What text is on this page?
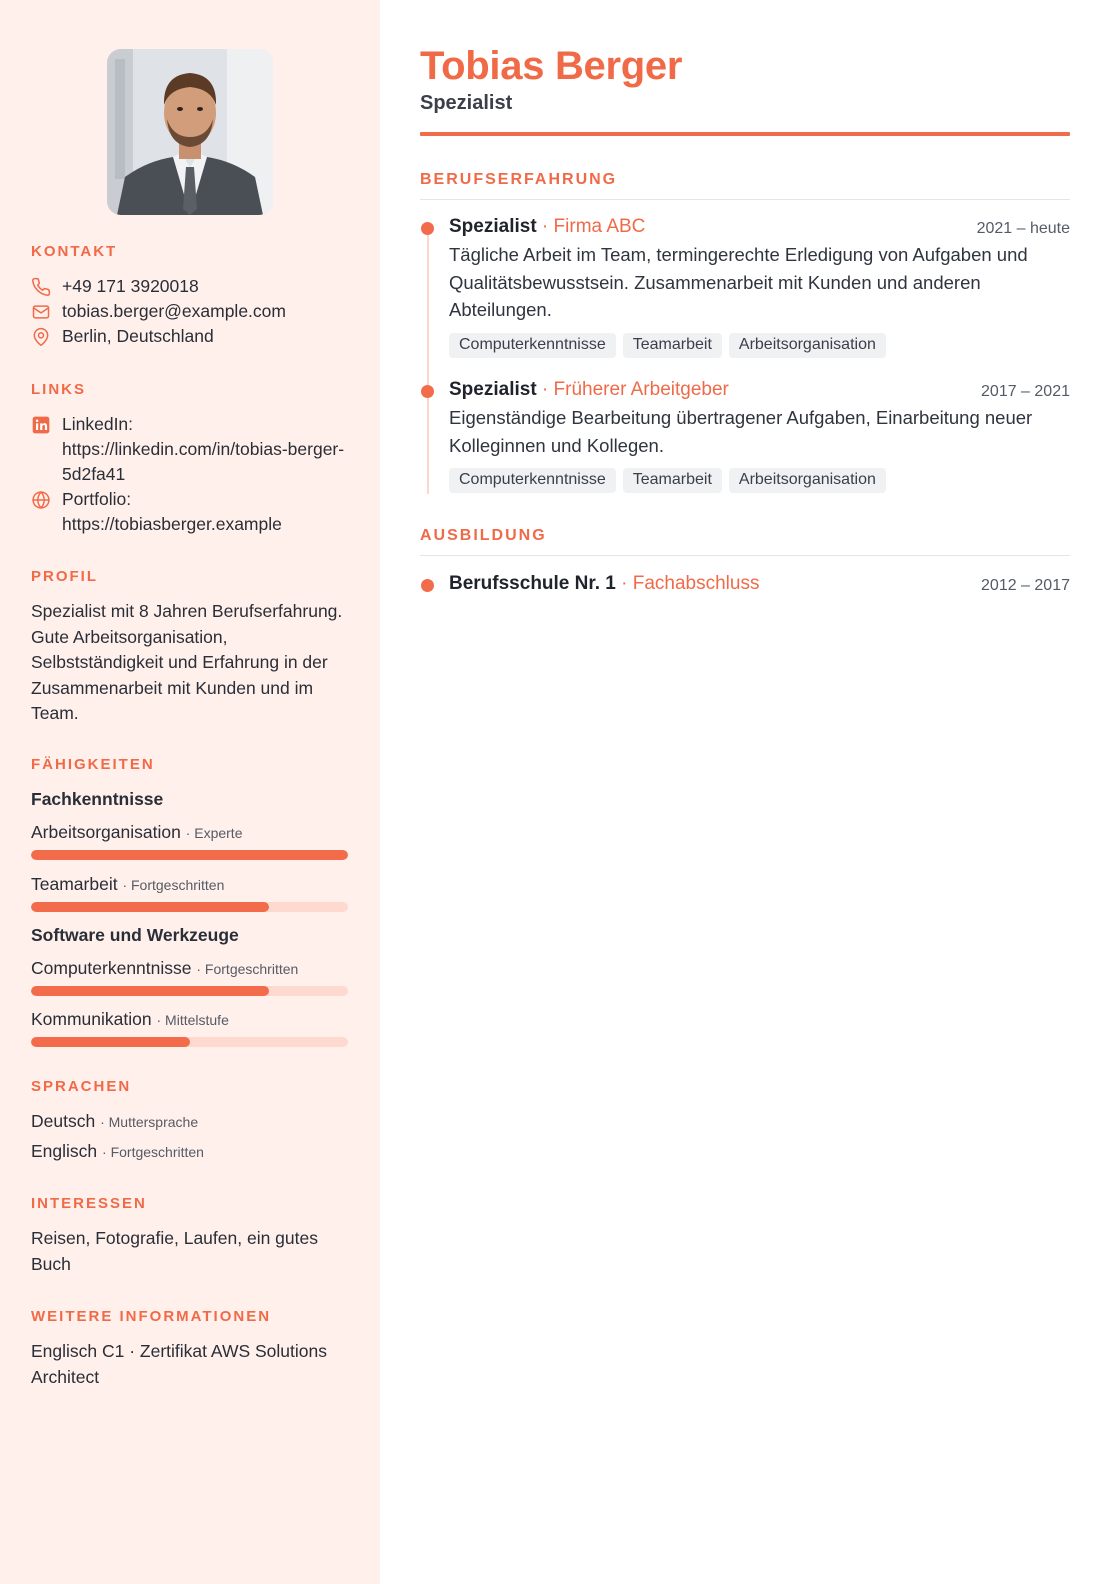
KONTAKT
+49 171 3920018
tobias.berger@example.com
Berlin, Deutschland
LINKS
LinkedIn:
https://linkedin.com/in/tobias-berger-5d2fa41
Portfolio:
https://tobiasberger.example
PROFIL
Spezialist mit 8 Jahren Berufserfahrung. Gute Arbeitsorganisation, Selbstständigkeit und Erfahrung in der Zusammenarbeit mit Kunden und im Team.
FÄHIGKEITEN
Fachkenntnisse
Arbeitsorganisation · Experte
Teamarbeit · Fortgeschritten
Software und Werkzeuge
Computerkenntnisse · Fortgeschritten
Kommunikation · Mittelstufe
SPRACHEN
Deutsch · Muttersprache
Englisch · Fortgeschritten
INTERESSEN
Reisen, Fotografie, Laufen, ein gutes Buch
WEITERE INFORMATIONEN
Englisch C1 · Zertifikat AWS Solutions Architect
Tobias Berger
Spezialist
BERUFSERFAHRUNG
Spezialist · Firma ABC	2021 – heute
Tägliche Arbeit im Team, termingerechte Erledigung von Aufgaben und Qualitätsbewusstsein. Zusammenarbeit mit Kunden und anderen Abteilungen.
Computerkenntnisse	Teamarbeit	Arbeitsorganisation
Spezialist · Früherer Arbeitgeber	2017 – 2021
Eigenständige Bearbeitung übertragener Aufgaben, Einarbeitung neuer Kolleginnen und Kollegen.
Computerkenntnisse	Teamarbeit	Arbeitsorganisation
AUSBILDUNG
Berufsschule Nr. 1 · Fachabschluss	2012 – 2017
